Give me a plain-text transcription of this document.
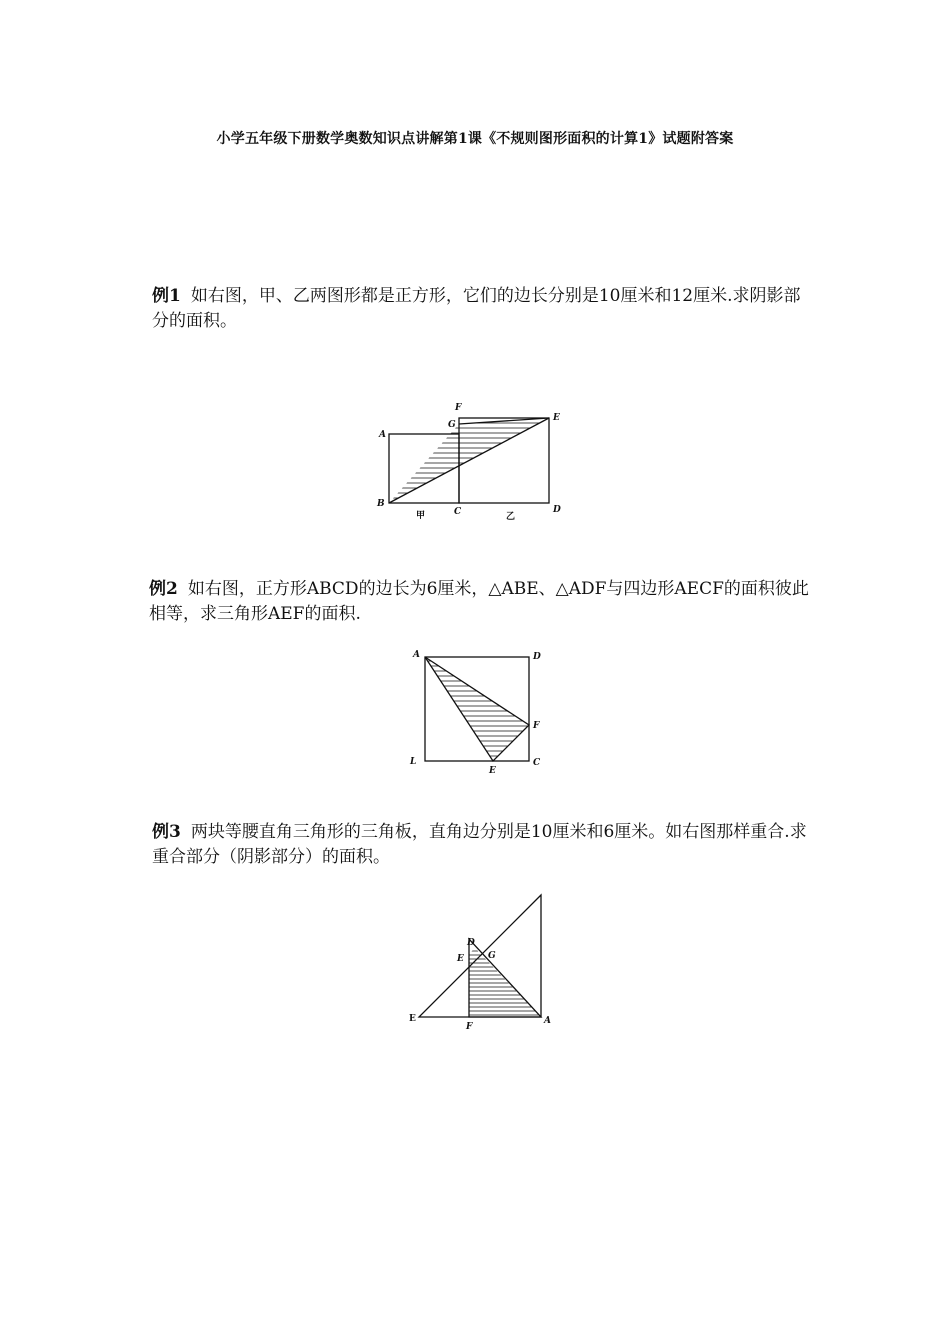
小学五年级下册数学奥数知识点讲解第1课《不规则图形面积的计算1》试题附答案
例1 如右图，甲、乙两图形都是正方形，它们的边长分别是10厘米和12厘米.求阴影部分的面积。
A
B
C	D
E
F
G
甲	乙
例2 如右图，正方形ABCD的边长为6厘米，△ABE、△ADF与四边形AECF的面积彼此相等，求三角形AEF的面积.
A	D
F
L	C
E
例3 两块等腰直角三角形的三角板，直角边分别是10厘米和6厘米。如右图那样重合.求重合部分（阴影部分）的面积。
D
G
E
E
F
A
